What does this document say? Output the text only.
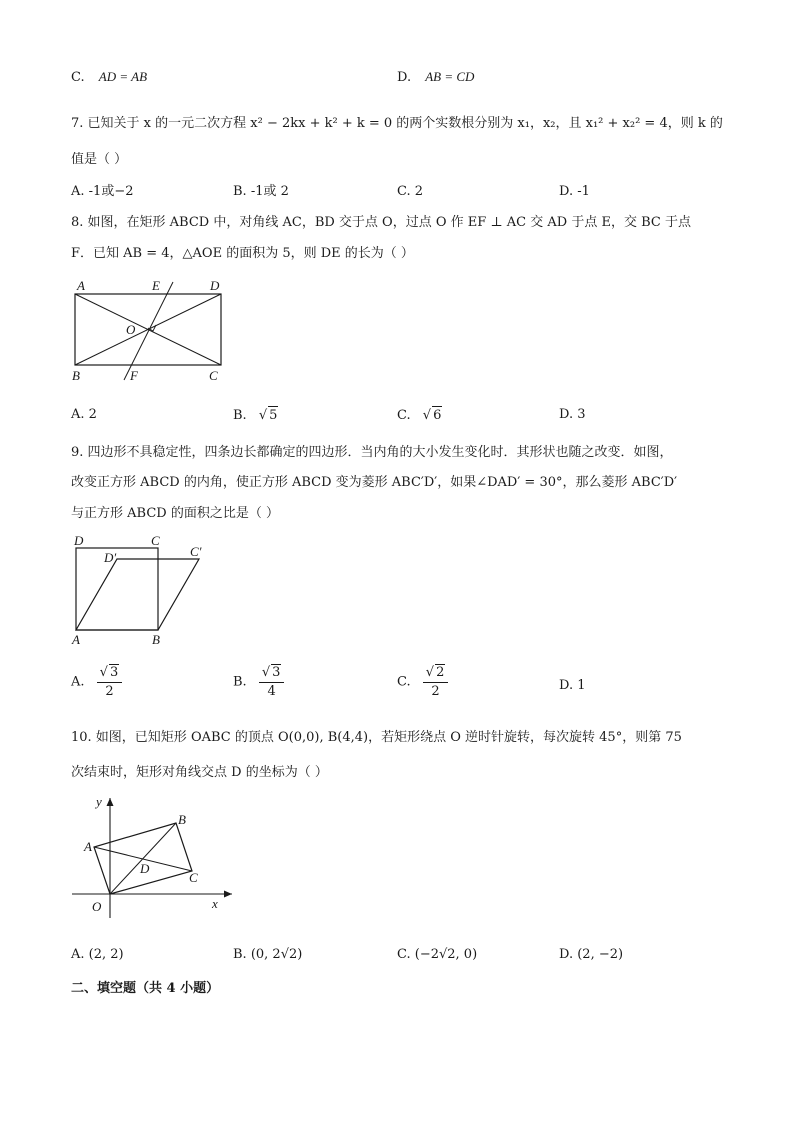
C. AD = AB	D. AB = CD
7. 已知关于 x 的一元二次方程 x² − 2kx + k² + k = 0 的两个实数根分别为 x₁，x₂，且 x₁² + x₂² = 4，则 k 的
值是（ ）
A. -1或−2	B. -1或 2	C. 2	D. -1
8. 如图，在矩形 ABCD 中，对角线 AC，BD 交于点 O，过点 O 作 EF ⊥ AC 交 AD 于点 E，交 BC 于点
F．已知 AB = 4，△AOE 的面积为 5，则 DE 的长为（ ）
A	E	D
O
B	F	C
A. 2	B. √ 5	C. √ 6	D. 3
9. 四边形不具稳定性，四条边长都确定的四边形．当内角的大小发生变化时．其形状也随之改变．如图，
改变正方形 ABCD 的内角，使正方形 ABCD 变为菱形 ABC′D′，如果∠DAD′ = 30°，那么菱形 ABC′D′
与正方形 ABCD 的面积之比是（ ）
D	C
D′	C′
A	B
A. $\frac{√ 3}{2}$	B. $\frac{√ 3}{4}$	C. $\frac{√ 2}{2}$	D. 1
10. 如图，已知矩形 OABC 的顶点 O(0,0), B(4,4)，若矩形绕点 O 逆时针旋转，每次旋转 45°，则第 75
次结束时，矩形对角线交点 D 的坐标为（ ）
y
x
O
A
B
C
D
A. (2, 2)	B. (0, 2√2)	C. (−2√2, 0)	D. (2, −2)
二、填空题（共 4 小题）
